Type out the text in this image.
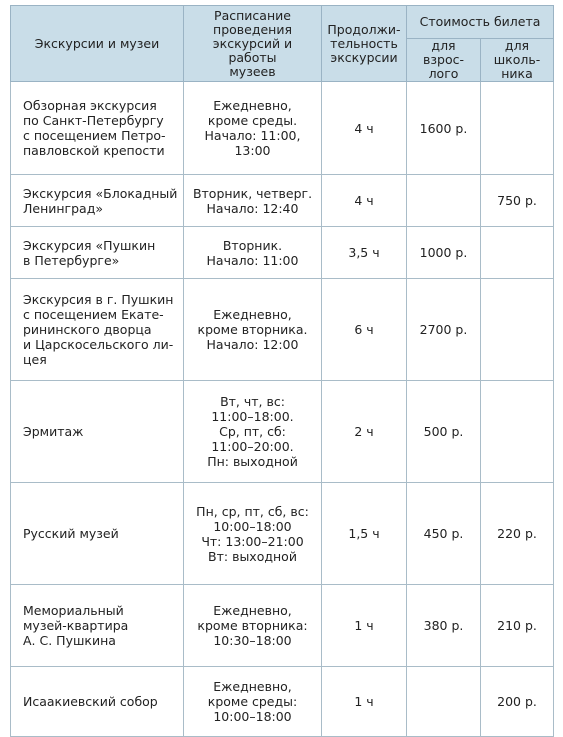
Экскурсии и музеи	Расписание
проведения
экскурсий и работы
музеев	Продолжи-
тельность
экскурсии	Стоимость билета	

			для взрос-
лого	для школь-
ника

Обзорная экскурсия
по Санкт-Петербургу
с посещением Петро-
павловской крепости	Ежедневно,
кроме среды.
Начало: 11:00,
13:00	4 ч	1600 р.	

Экскурсия «Блокадный
Ленинград»	Вторник, четверг.
Начало: 12:40	4 ч		750 р.

Экскурсия «Пушкин
в Петербурге»	Вторник.
Начало: 11:00	3,5 ч	1000 р.	

Экскурсия в г. Пушкин
с посещением Екате-
рининского дворца
и Царскосельского ли-
цея	Ежедневно,
кроме вторника.
Начало: 12:00	6 ч	2700 р.	

Эрмитаж	Вт, чт, вс:
11:00–18:00.
Ср, пт, сб:
11:00–20:00.
Пн: выходной	2 ч	500 р.	

Русский музей	Пн, ср, пт, сб, вс:
10:00–18:00
Чт: 13:00–21:00
Вт: выходной	1,5 ч	450 р.	220 р.

Мемориальный
музей-квартира
А. С. Пушкина	Ежедневно,
кроме вторника:
10:30–18:00	1 ч	380 р.	210 р.

Исаакиевский собор	Ежедневно,
кроме среды:
10:00–18:00	1 ч		200 р.
